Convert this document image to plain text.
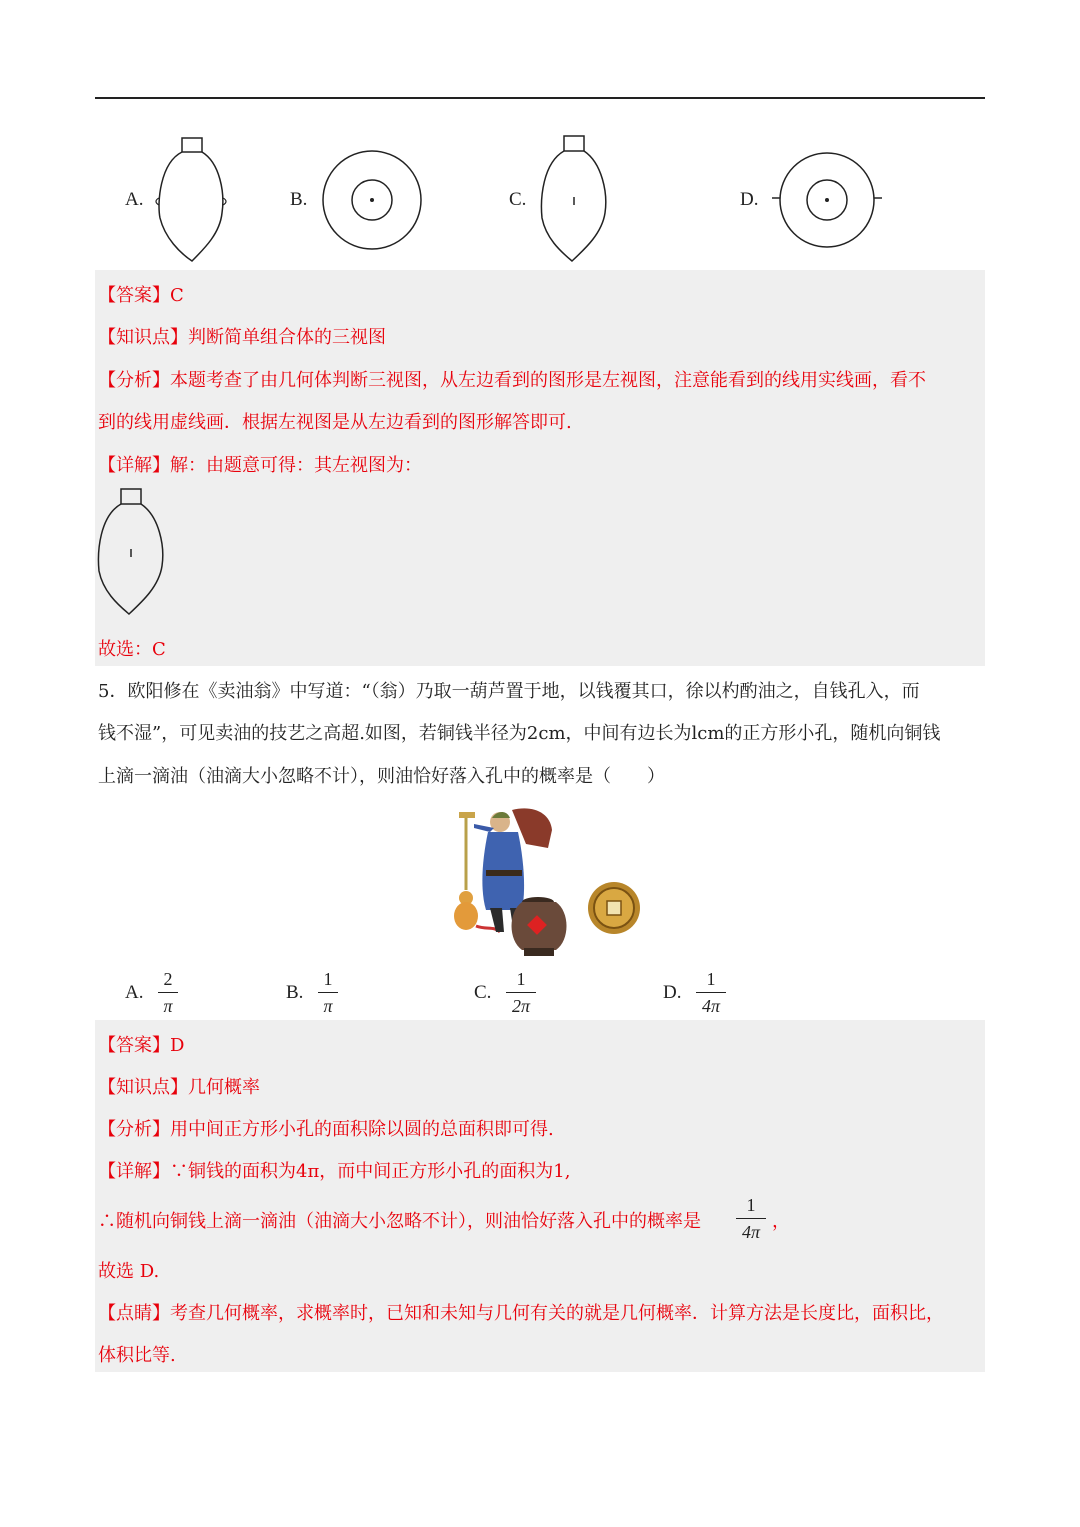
A.	B.	C.	D.
【答案】C
【知识点】判断简单组合体的三视图
【分析】本题考查了由几何体判断三视图，从左边看到的图形是左视图，注意能看到的线用实线画，看不
到的线用虚线画．根据左视图是从左边看到的图形解答即可.
【详解】解：由题意可得：其左视图为：
故选：C
5．欧阳修在《卖油翁》中写道：“（翁）乃取一葫芦置于地，以钱覆其口，徐以杓酌油之，自钱孔入，而
钱不湿”，可见卖油的技艺之高超.如图，若铜钱半径为2cm，中间有边长为lcm的正方形小孔，随机向铜钱
上滴一滴油（油滴大小忽略不计），则油恰好落入孔中的概率是（　　）
A.
2
π
B.
1
π
C.
1
2π
D.
1
4π
【答案】D
【知识点】几何概率
【分析】用中间正方形小孔的面积除以圆的总面积即可得.
【详解】∵铜钱的面积为4π，而中间正方形小孔的面积为1,
∴随机向铜钱上滴一滴油（油滴大小忽略不计），则油恰好落入孔中的概率是
1
4π ，
故选 D.
【点睛】考查几何概率，求概率时，已知和未知与几何有关的就是几何概率．计算方法是长度比，面积比，
体积比等.
